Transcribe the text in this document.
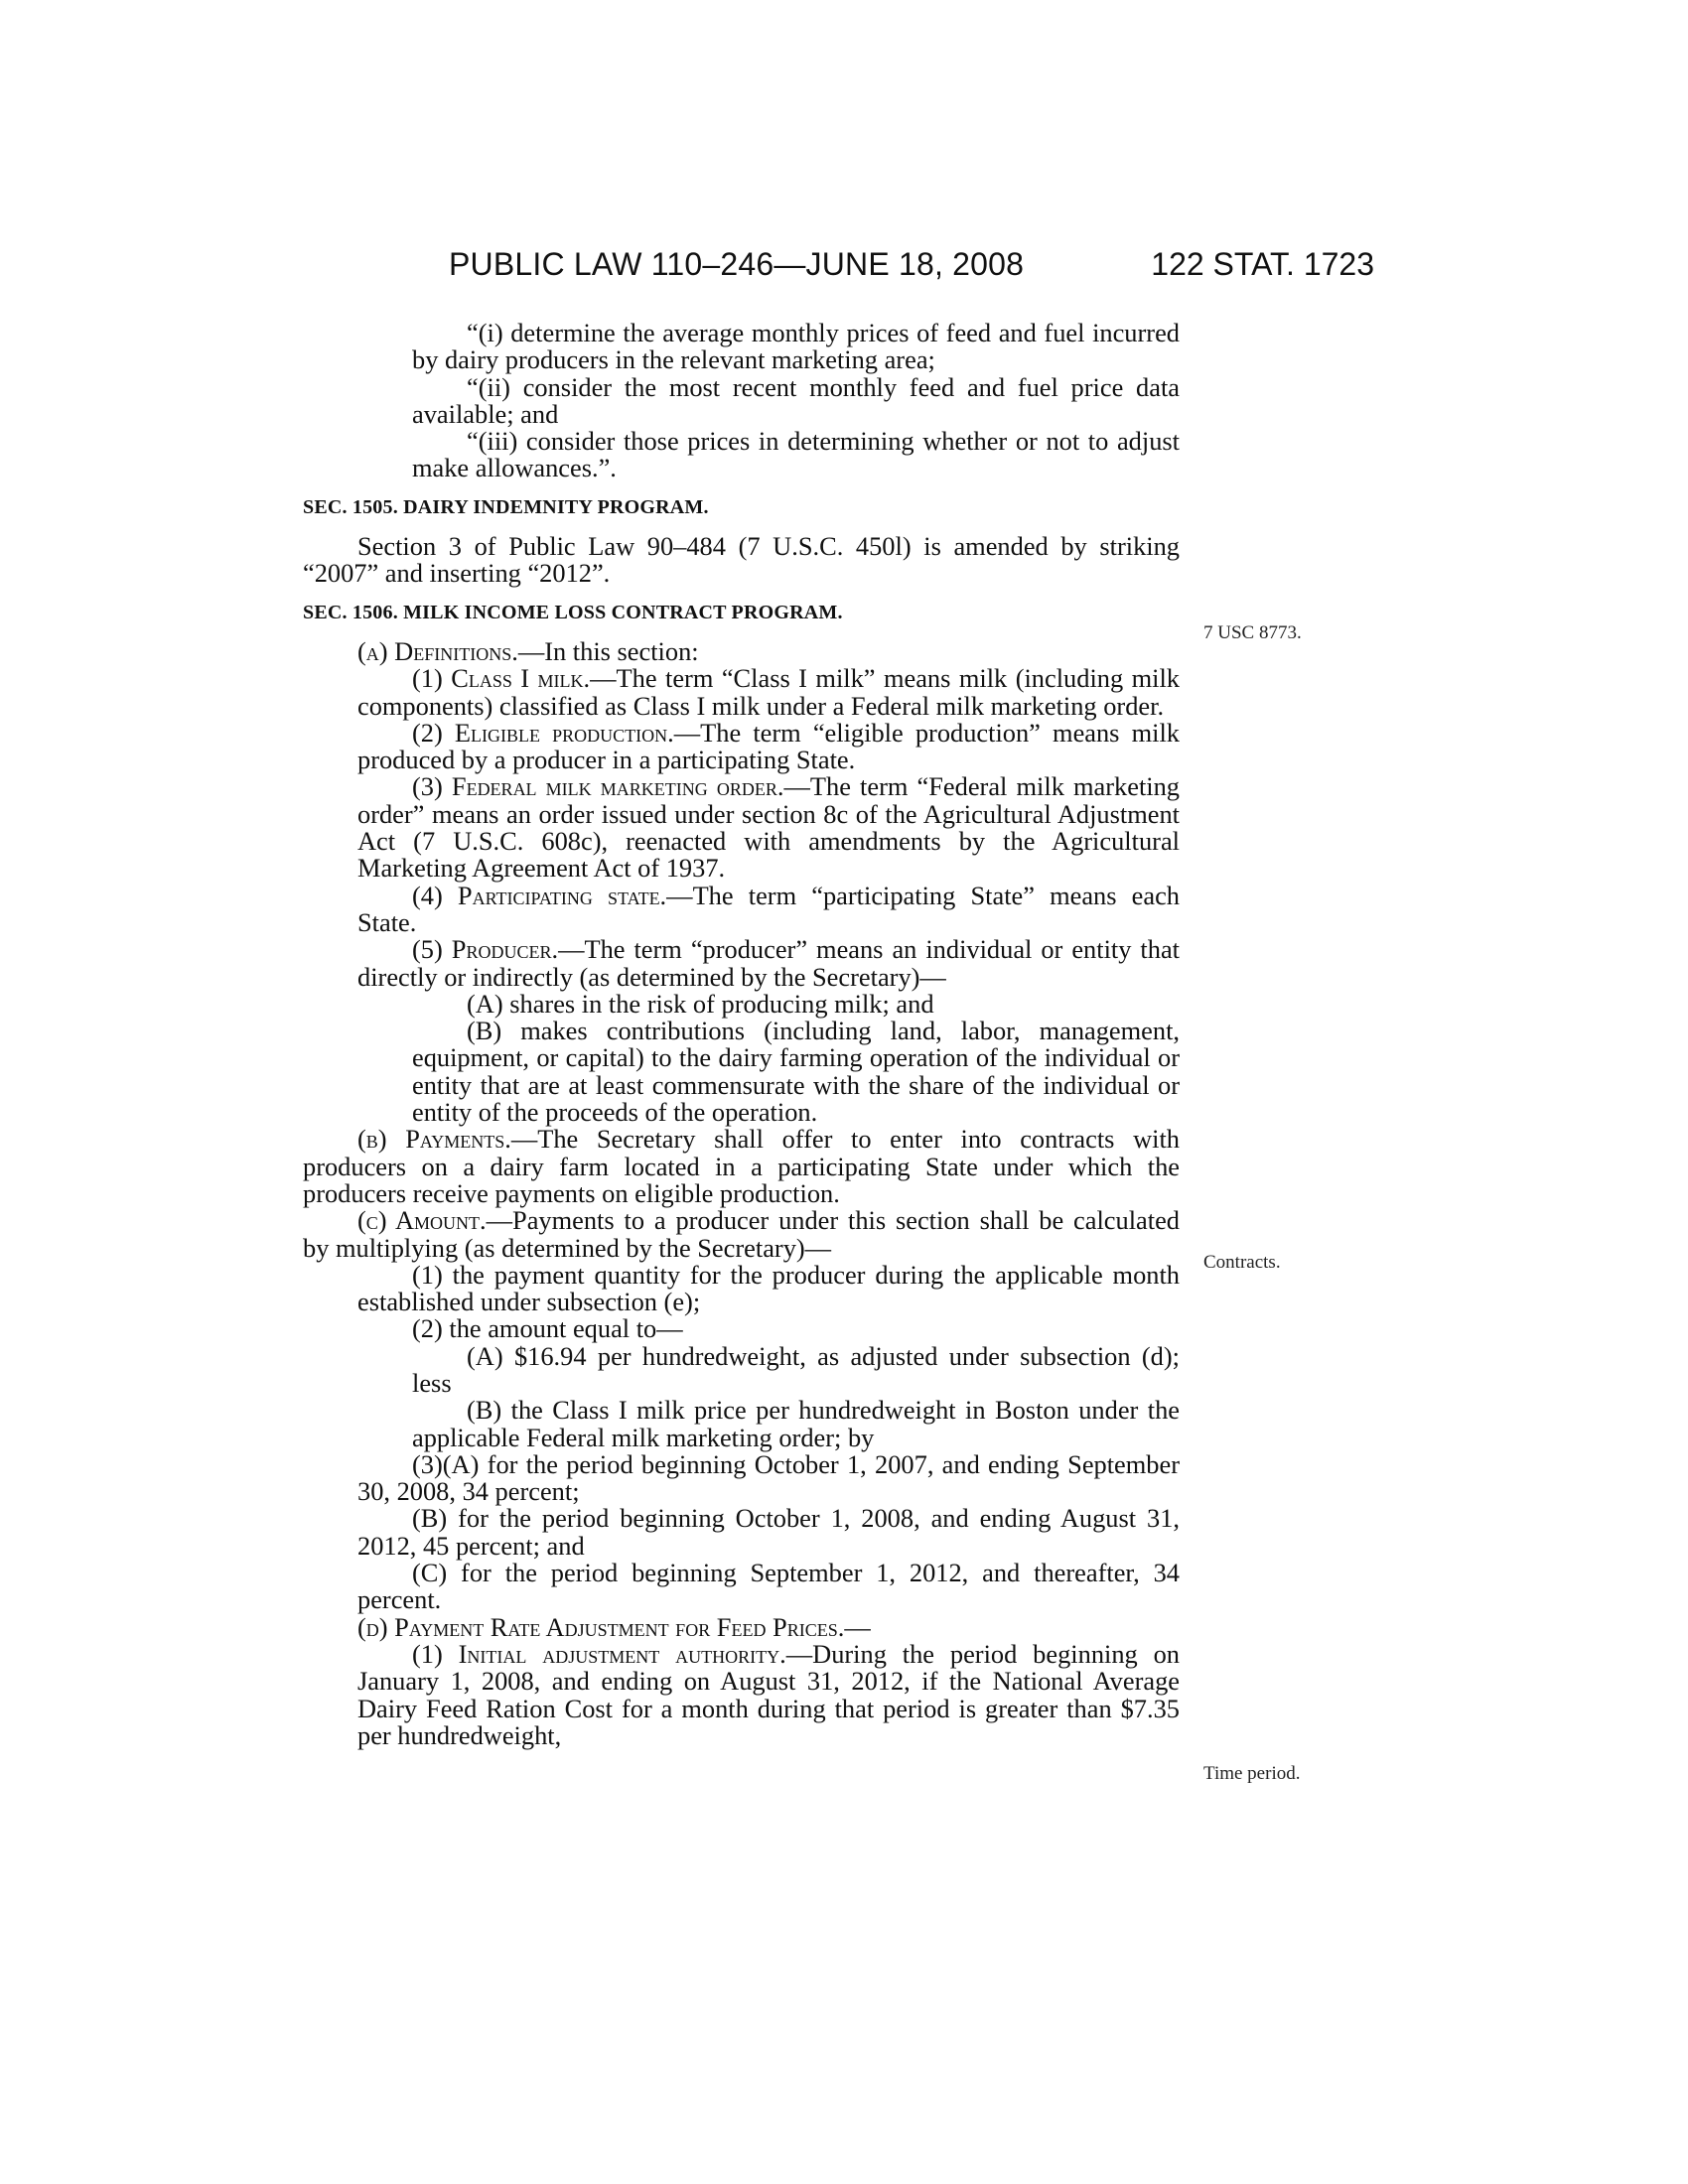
PUBLIC LAW 110–246—JUNE 18, 2008	122 STAT. 1723
7 USC 8773.
Contracts.
Time period.

“(i) determine the average monthly prices of feed and fuel incurred by dairy producers in the relevant marketing area;

“(ii) consider the most recent monthly feed and fuel price data available; and

“(iii) consider those prices in determining whether or not to adjust make allowances.”.

SEC. 1505. DAIRY INDEMNITY PROGRAM.

Section 3 of Public Law 90–484 (7 U.S.C. 450l) is amended by striking “2007” and inserting “2012”.

SEC. 1506. MILK INCOME LOSS CONTRACT PROGRAM.

(a) Definitions.—In this section:

(1) Class I milk.—The term “Class I milk” means milk (including milk components) classified as Class I milk under a Federal milk marketing order.

(2) Eligible production.—The term “eligible production” means milk produced by a producer in a participating State.

(3) Federal milk marketing order.—The term “Federal milk marketing order” means an order issued under section 8c of the Agricultural Adjustment Act (7 U.S.C. 608c), reenacted with amendments by the Agricultural Marketing Agreement Act of 1937.

(4) Participating state.—The term “participating State” means each State.

(5) Producer.—The term “producer” means an individual or entity that directly or indirectly (as determined by the Secretary)—

(A) shares in the risk of producing milk; and

(B) makes contributions (including land, labor, management, equipment, or capital) to the dairy farming operation of the individual or entity that are at least commensurate with the share of the individual or entity of the proceeds of the operation.

(b) Payments.—The Secretary shall offer to enter into contracts with producers on a dairy farm located in a participating State under which the producers receive payments on eligible production.

(c) Amount.—Payments to a producer under this section shall be calculated by multiplying (as determined by the Secretary)—

(1) the payment quantity for the producer during the applicable month established under subsection (e);

(2) the amount equal to—

(A) $16.94 per hundredweight, as adjusted under subsection (d); less

(B) the Class I milk price per hundredweight in Boston under the applicable Federal milk marketing order; by

(3)(A) for the period beginning October 1, 2007, and ending September 30, 2008, 34 percent;

(B) for the period beginning October 1, 2008, and ending August 31, 2012, 45 percent; and

(C) for the period beginning September 1, 2012, and thereafter, 34 percent.

(d) Payment Rate Adjustment for Feed Prices.—

(1) Initial adjustment authority.—During the period beginning on January 1, 2008, and ending on August 31, 2012, if the National Average Dairy Feed Ration Cost for a month during that period is greater than $7.35 per hundredweight,
